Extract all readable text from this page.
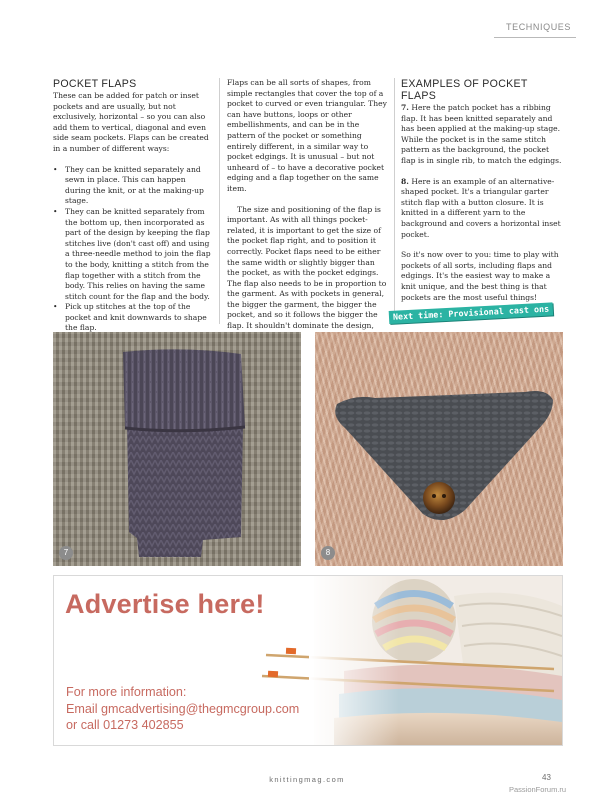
TECHNIQUES
POCKET FLAPS
These can be added for patch or inset pockets and are usually, but not exclusively, horizontal – so you can also add them to vertical, diagonal and even side seam pockets. Flaps can be created in a number of different ways:
• They can be knitted separately and sewn in place. This can happen during the knit, or at the making-up stage.
• They can be knitted separately from the bottom up, then incorporated as part of the design by keeping the flap stitches live (don't cast off) and using a three-needle method to join the flap to the body, knitting a stitch from the flap together with a stitch from the body. This relies on having the same stitch count for the flap and the body.
• Pick up stitches at the top of the pocket and knit downwards to shape the flap.

Flaps can be all sorts of shapes, from simple rectangles that cover the top of a pocket to curved or even triangular. They can have buttons, loops or other embellishments, and can be in the pattern of the pocket or something entirely different, in a similar way to pocket edgings. It is unusual – but not unheard of – to have a decorative pocket edging and a flap together on the same item.

The size and positioning of the flap is important. As with all things pocket-related, it is important to get the size of the pocket flap right, and to position it correctly. Pocket flaps need to be either the same width or slightly bigger than the pocket, as with the pocket edgings. The flap also needs to be in proportion to the garment. As with pockets in general, the bigger the garment, the bigger the pocket, and so it follows the bigger the flap. It shouldn't dominate the design,

EXAMPLES OF POCKET FLAPS

7. Here the patch pocket has a ribbing flap. It has been knitted separately and has been applied at the making-up stage. While the pocket is in the same stitch pattern as the background, the pocket flap is in single rib, to match the edgings.

8. Here is an example of an alternative-shaped pocket. It's a triangular garter stitch flap with a button closure. It is knitted in a different yarn to the background and covers a horizontal inset pocket.

So it's now over to you: time to play with pockets of all sorts, including flaps and edgings. It's the easiest way to make a knit unique, and the best thing is that pockets are the most useful things!

Next time: Provisional cast ons
7	8
Advertise here!
For more information:
Email gmcadvertising@thegmcgroup.com
or call 01273 402855
knittingmag.com	43
PassionForum.ru
